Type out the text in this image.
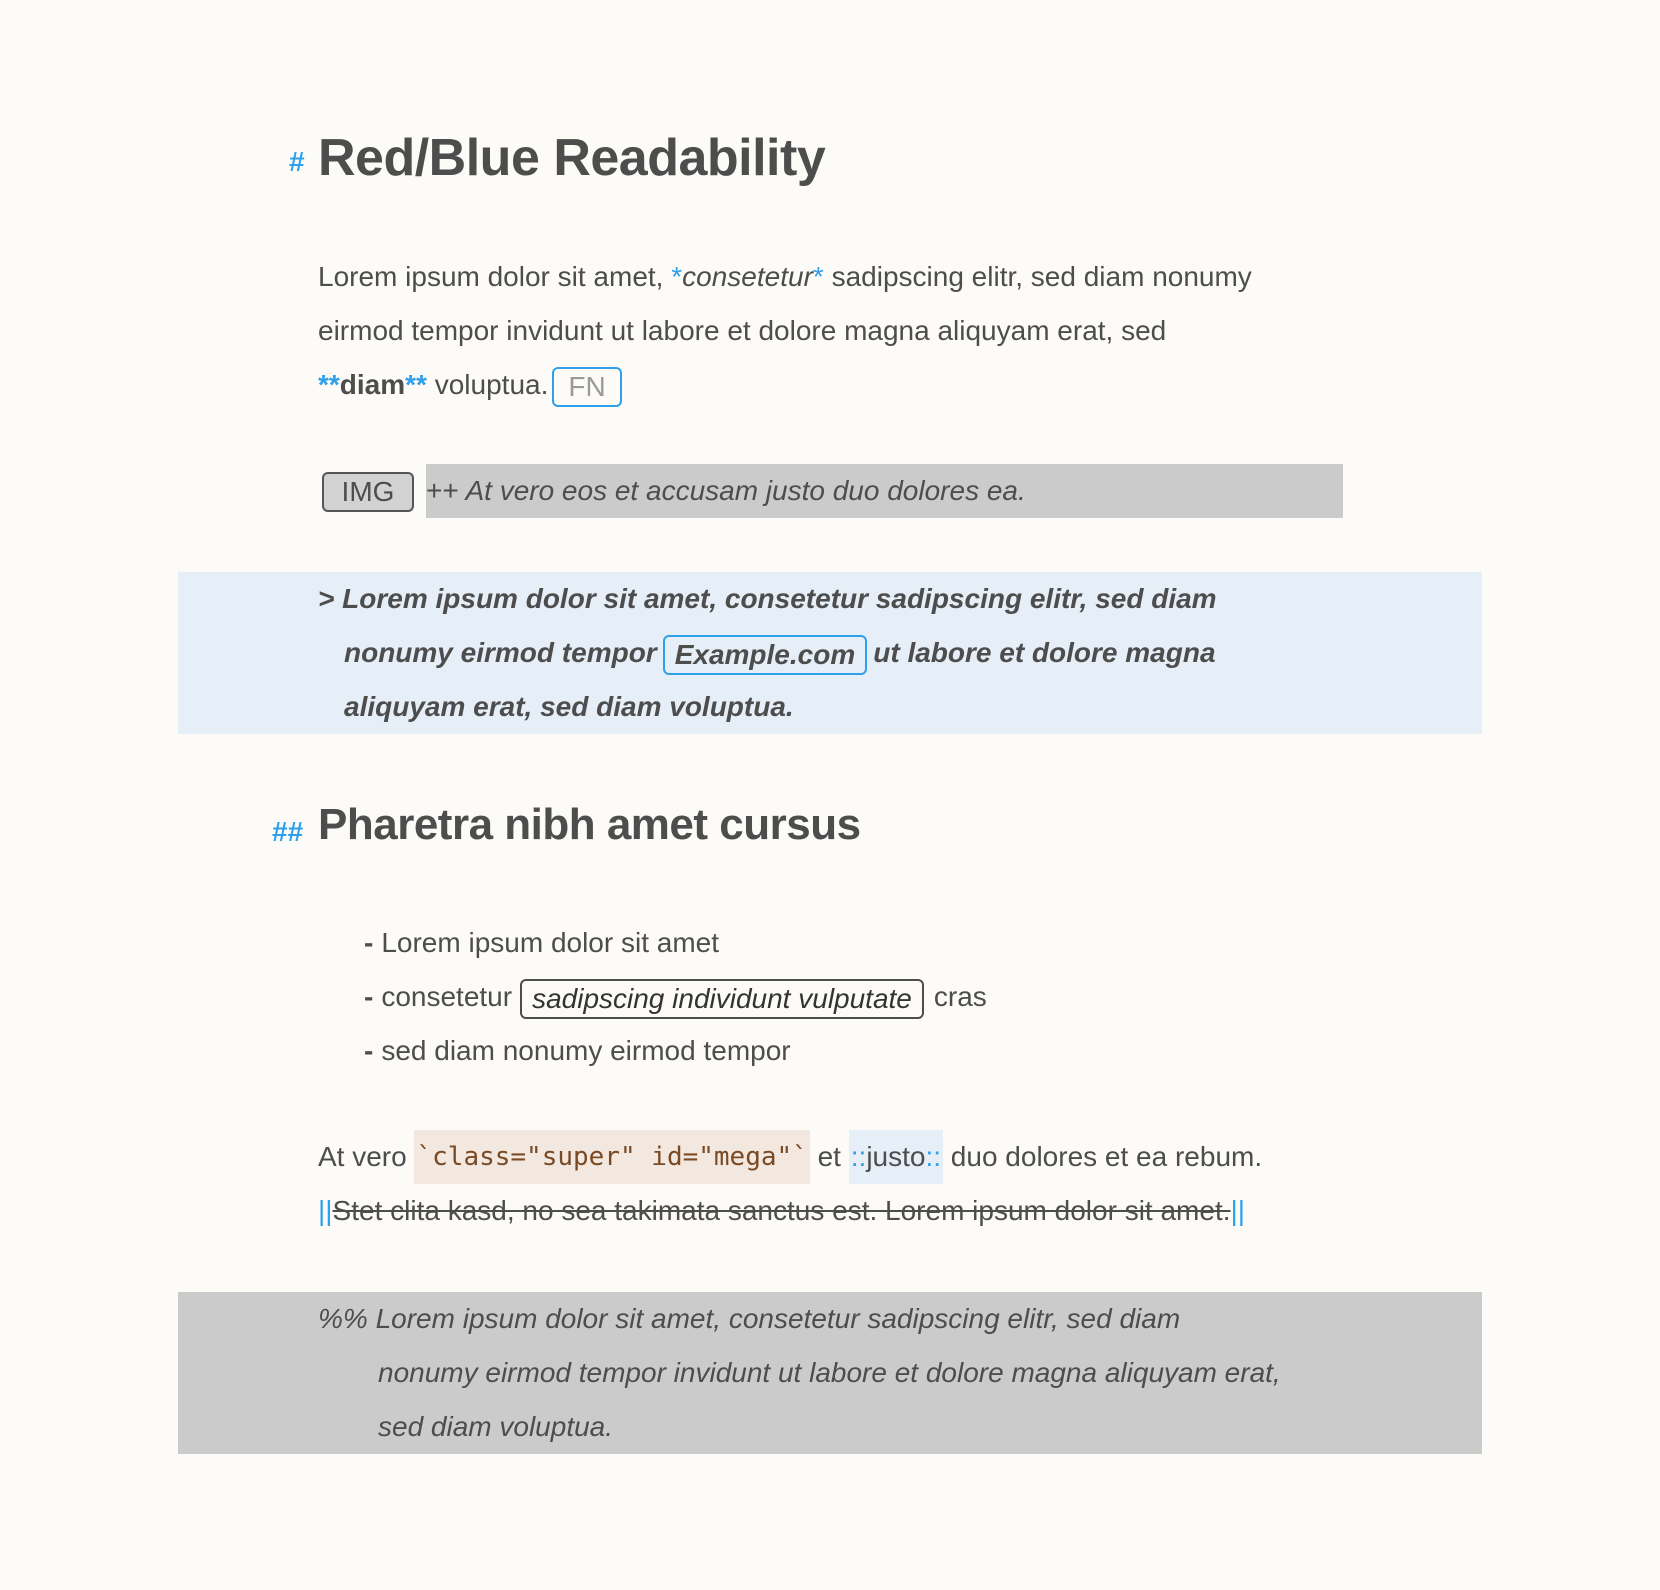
# Red/Blue Readability
Lorem ipsum dolor sit amet, *consetetur* sadipscing elitr, sed diam nonumy
eirmod tempor invidunt ut labore et dolore magna aliquyam erat, sed
**diam** voluptua. FN
IMG	++ At vero eos et accusam justo duo dolores ea.
> Lorem ipsum dolor sit amet, consetetur sadipscing elitr, sed diam
nonumy eirmod tempor Example.com ut labore et dolore magna
aliquyam erat, sed diam voluptua.
## Pharetra nibh amet cursus
- Lorem ipsum dolor sit amet
- consetetur sadipscing individunt vulputate cras
- sed diam nonumy eirmod tempor
At vero `class="super" id="mega"` et ::justo:: duo dolores et ea rebum.
||Stet clita kasd, no sea takimata sanctus est. Lorem ipsum dolor sit amet.||
%% Lorem ipsum dolor sit amet, consetetur sadipscing elitr, sed diam
nonumy eirmod tempor invidunt ut labore et dolore magna aliquyam erat,
sed diam voluptua.
